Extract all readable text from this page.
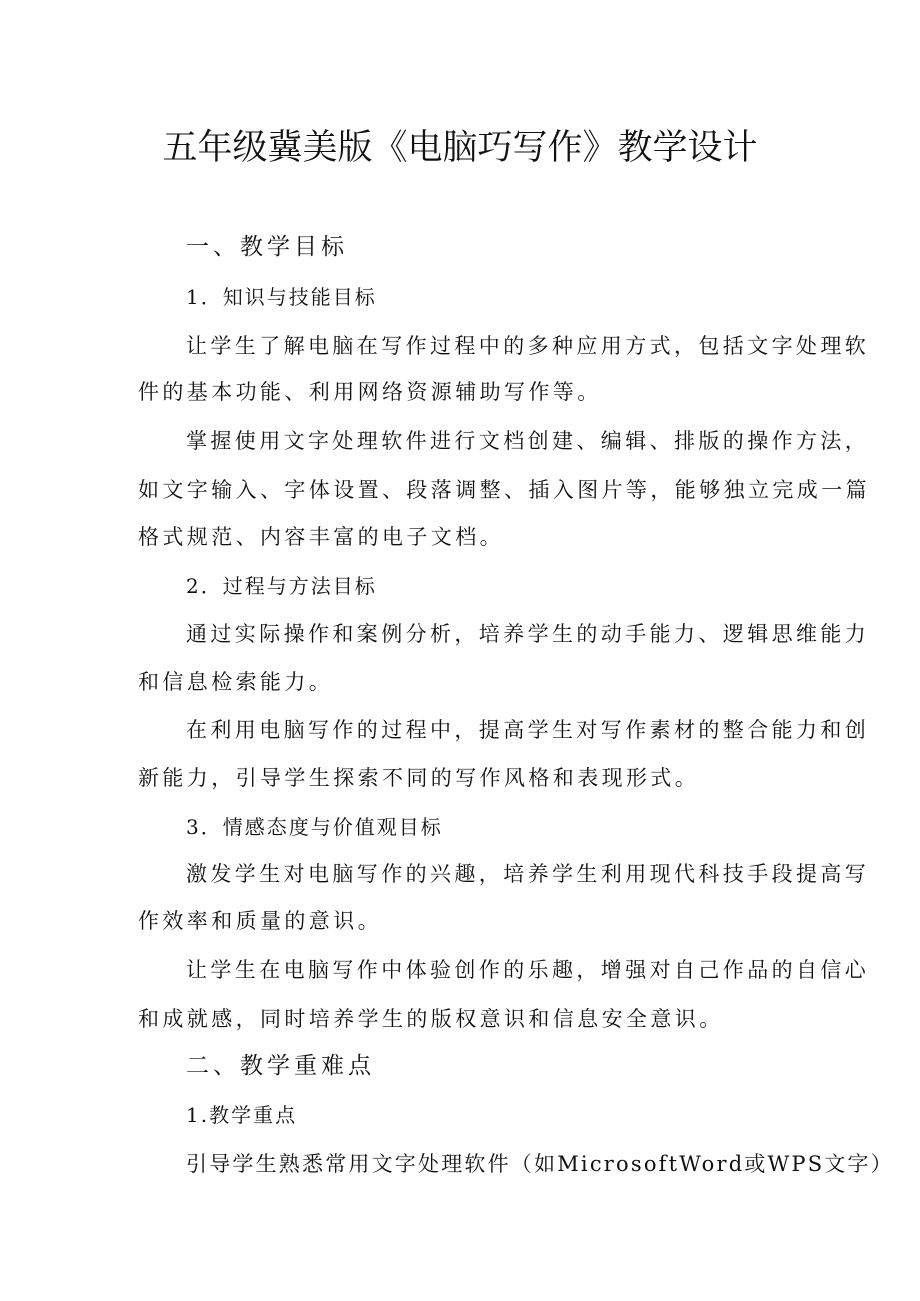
五年级冀美版《电脑巧写作》教学设计
一、教学目标
1．知识与技能目标
让学生了解电脑在写作过程中的多种应用方式，包括文字处理软
件的基本功能、利用网络资源辅助写作等。
掌握使用文字处理软件进行文档创建、编辑、排版的操作方法，
如文字输入、字体设置、段落调整、插入图片等，能够独立完成一篇
格式规范、内容丰富的电子文档。
2．过程与方法目标
通过实际操作和案例分析，培养学生的动手能力、逻辑思维能力
和信息检索能力。
在利用电脑写作的过程中，提高学生对写作素材的整合能力和创
新能力，引导学生探索不同的写作风格和表现形式。
3．情感态度与价值观目标
激发学生对电脑写作的兴趣，培养学生利用现代科技手段提高写
作效率和质量的意识。
让学生在电脑写作中体验创作的乐趣，增强对自己作品的自信心
和成就感，同时培养学生的版权意识和信息安全意识。
二、教学重难点
1.教学重点
引导学生熟悉常用文字处理软件（如MicrosoftWord或WPS文字）
